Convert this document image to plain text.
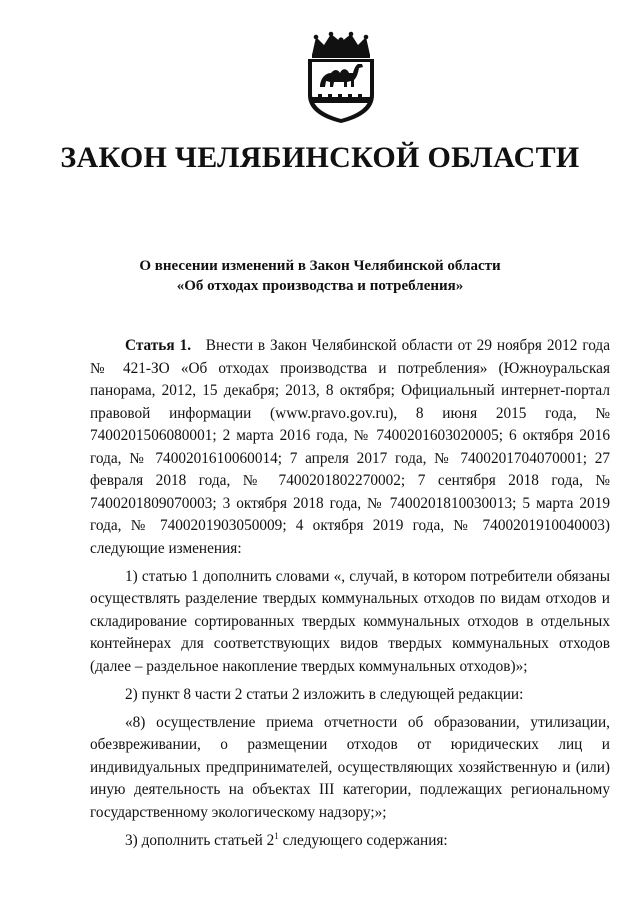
ЗАКОН ЧЕЛЯБИНСКОЙ ОБЛАСТИ
О внесении изменений в Закон Челябинской области
«Об отходах производства и потребления»

Статья 1. Внести в Закон Челябинской области от 29 ноября 2012 года № 421-ЗО «Об отходах производства и потребления» (Южноуральская панорама, 2012, 15 декабря; 2013, 8 октября; Официальный интернет-портал правовой информации (www.pravo.gov.ru), 8 июня 2015 года, № 7400201506080001; 2 марта 2016 года, № 7400201603020005; 6 октября 2016 года, № 7400201610060014; 7 апреля 2017 года, № 7400201704070001; 27 февраля 2018 года, № 7400201802270002; 7 сентября 2018 года, № 7400201809070003; 3 октября 2018 года, № 7400201810030013; 5 марта 2019 года, № 7400201903050009; 4 октября 2019 года, № 7400201910040003) следующие изменения:

1) статью 1 дополнить словами «, случай, в котором потребители обязаны осуществлять разделение твердых коммунальных отходов по видам отходов и складирование сортированных твердых коммунальных отходов в отдельных контейнерах для соответствующих видов твердых коммунальных отходов (далее – раздельное накопление твердых коммунальных отходов)»;

2) пункт 8 части 2 статьи 2 изложить в следующей редакции:

«8) осуществление приема отчетности об образовании, утилизации, обезвреживании, о размещении отходов от юридических лиц и индивидуальных предпринимателей, осуществляющих хозяйственную и (или) иную деятельность на объектах III категории, подлежащих региональному государственному экологическому надзору;»;

3) дополнить статьей $2^1$ следующего содержания:
